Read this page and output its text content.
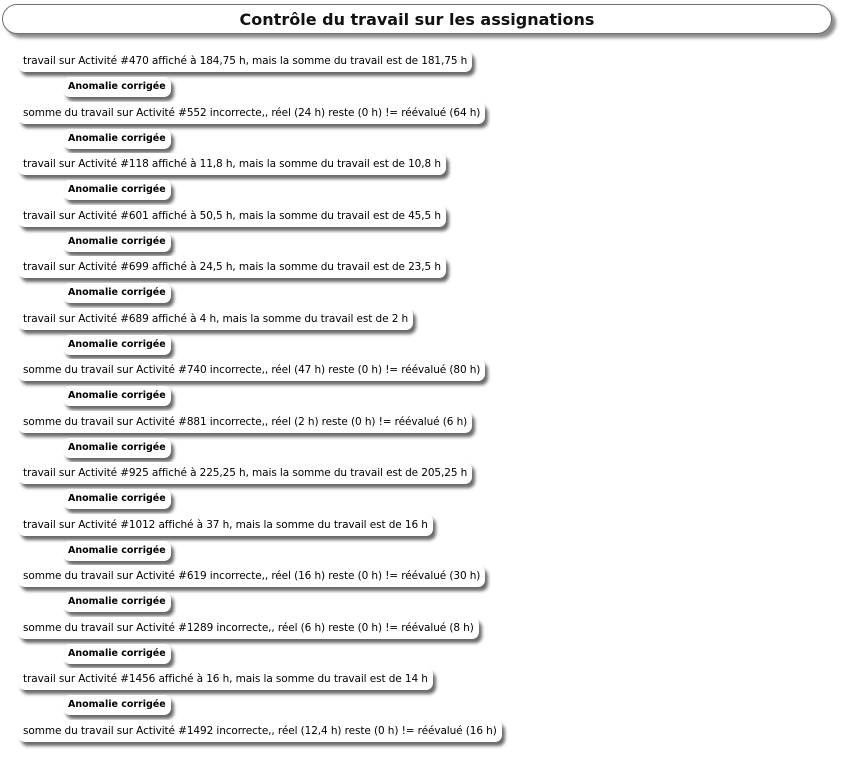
Contrôle du travail sur les assignations
travail sur Activité #470 affiché à 184,75 h, mais la somme du travail est de 181,75 h
Anomalie corrigée
somme du travail sur Activité #552 incorrecte,, réel (24 h) reste (0 h) != réévalué (64 h)
Anomalie corrigée
travail sur Activité #118 affiché à 11,8 h, mais la somme du travail est de 10,8 h
Anomalie corrigée
travail sur Activité #601 affiché à 50,5 h, mais la somme du travail est de 45,5 h
Anomalie corrigée
travail sur Activité #699 affiché à 24,5 h, mais la somme du travail est de 23,5 h
Anomalie corrigée
travail sur Activité #689 affiché à 4 h, mais la somme du travail est de 2 h
Anomalie corrigée
somme du travail sur Activité #740 incorrecte,, réel (47 h) reste (0 h) != réévalué (80 h)
Anomalie corrigée
somme du travail sur Activité #881 incorrecte,, réel (2 h) reste (0 h) != réévalué (6 h)
Anomalie corrigée
travail sur Activité #925 affiché à 225,25 h, mais la somme du travail est de 205,25 h
Anomalie corrigée
travail sur Activité #1012 affiché à 37 h, mais la somme du travail est de 16 h
Anomalie corrigée
somme du travail sur Activité #619 incorrecte,, réel (16 h) reste (0 h) != réévalué (30 h)
Anomalie corrigée
somme du travail sur Activité #1289 incorrecte,, réel (6 h) reste (0 h) != réévalué (8 h)
Anomalie corrigée
travail sur Activité #1456 affiché à 16 h, mais la somme du travail est de 14 h
Anomalie corrigée
somme du travail sur Activité #1492 incorrecte,, réel (12,4 h) reste (0 h) != réévalué (16 h)
